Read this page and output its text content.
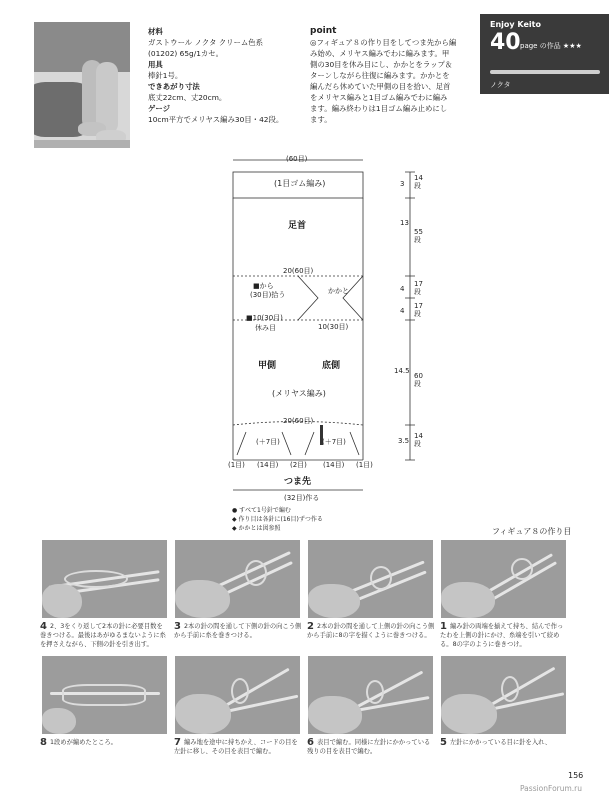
材料
ガストウール ノクタ クリーム色系
(01202) 65g/1カセ。
用具
棒針1号。
できあがり寸法
底丈22cm、丈20cm。
ゲージ
10cm平方でメリヤス編み30目・42段。
point
◎フィギュア８の作り目をしてつま先から編
み始め、メリヤス編みでわに編みます。甲
側の30目を休み目にし、かかとをラップ＆
ターンしながら往復に編みます。かかとを
編んだら休めていた甲側の目を拾い、足首
をメリヤス編みと1目ゴム編みでわに編み
ます。編み終わりは1目ゴム編み止めにし
ます。
Enjoy Keito
40 page の作品 ★★★
ノクタ
(60目)
(1目ゴム編み)
足首
20(60目)
■から
(30目)拾う
■10(30目)
休み目
かかと
10(30目)
甲側	底側
(メリヤス編み)
20(60目)
(＋7目)	(＋7目)
(1目) (14目) (2目) (14目) (1目)
つま先
(32目)作る
3
14
段
13
55
段
4
17
段
4
17
段
14.5
60
段
3.5
14
段
● すべて1号針で編む
◆ 作り目は各針に(16目)ずつ作る
◆ かかとは図参照	フィギュア８の作り目
4 2、3をくり返して2本の針に必要目数を巻きつける。最後はあがゆるまないように糸を押さえながら、下側の針を引き出す。
3 2本の針の間を通して下側の針の向こう側から手前に糸を巻きつける。
2 2本の針の間を通して上側の針の向こう側から手前に8の字を描くように巻きつける。
1 編み針の両端を揃えて持ち、結んで作ったわを上側の針にかけ、糸端を引いて絞める。8の字のように巻きつけ。
8 1段めが編めたところ。	7 編み地を途中に持ちかえ、コードの目を左針に移し、その目を表目で編む。
6 表目で編む。同様に左針にかかっている残りの目を表目で編む。
5 左針にかかっている目に針を入れ、
156
PassionForum.ru
